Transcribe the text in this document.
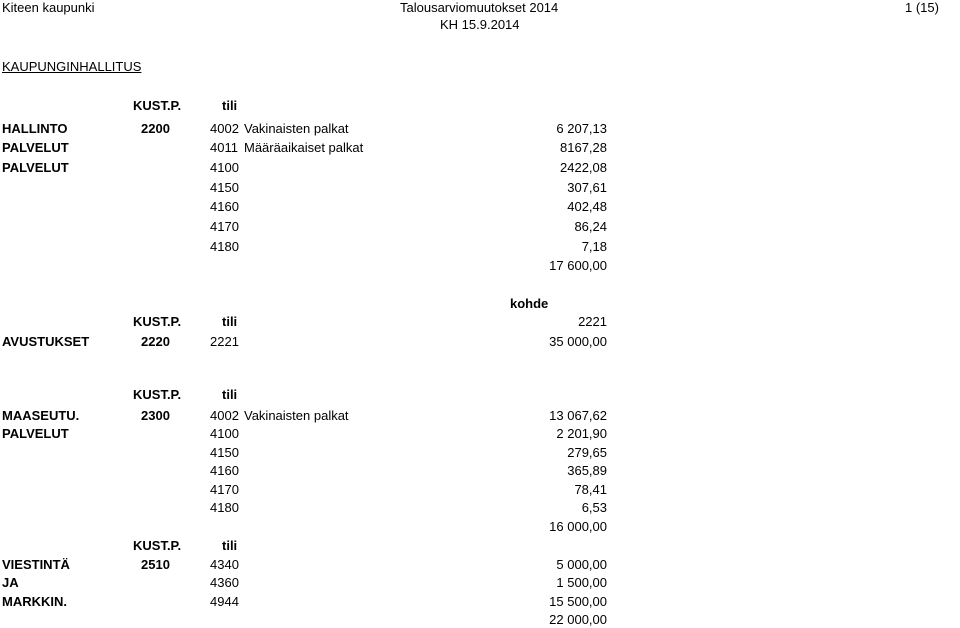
Kiteen kaupunki	Talousarviomuutokset 2014
KH 15.9.2014
1 (15)
KAUPUNGINHALLITUS
KUST.P.	tili
HALLINTO	2200	4002 Vakinaisten palkat	6 207,13
PALVELUT	4011 Määräaikaiset palkat	8167,28
PALVELUT	4100	2422,08
4150	307,61
4160	402,48
4170	86,24
4180	7,18
17 600,00
kohde
KUST.P.	tili	2221
AVUSTUKSET	2220	2221	35 000,00
KUST.P.	tili
MAASEUTU.	2300	4002 Vakinaisten palkat	13 067,62
PALVELUT	4100	2 201,90
4150	279,65
4160	365,89
4170	78,41
4180	6,53
16 000,00
KUST.P.	tili
VIESTINTÄ	2510	4340	5 000,00
JA	4360	1 500,00
MARKKIN.	4944	15 500,00
22 000,00
